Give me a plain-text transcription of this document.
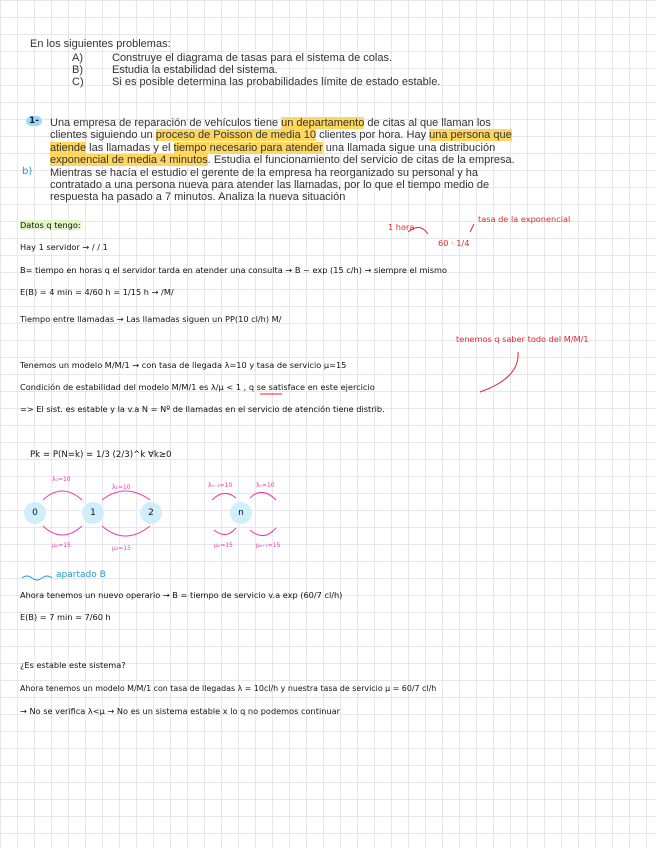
En los siguientes problemas:
A)	Construye el diagrama de tasas para el sistema de colas.
B)	Estudia la estabilidad del sistema.
C)	Si es posible determina las probabilidades límite de estado estable.
1-
b)
Una empresa de reparación de vehículos tiene un departamento de citas al que llaman los
clientes siguiendo un proceso de Poisson de media 10 clientes por hora. Hay una persona que
atiende las llamadas y el tiempo necesario para atender una llamada sigue una distribución
exponencial de media 4 minutos. Estudia el funcionamiento del servicio de citas de la empresa.
Mientras se hacía el estudio el gerente de la empresa ha reorganizado su personal y ha
contratado a una persona nueva para atender las llamadas, por lo que el tiempo medio de
respuesta ha pasado a 7 minutos. Analiza la nueva situación
Datos q tengo:	1 hora
tasa de la exponencial
60 · 1/4
Hay 1 servidor → / / 1
B= tiempo en horas q el servidor tarda en atender una consulta → B ~ exp (15 c/h) → siempre el mismo
E(B) = 4 min = 4/60 h = 1/15 h → /M/
Tiempo entre llamadas → Las llamadas siguen un PP(10 cl/h) M/
tenemos q saber todo del M/M/1
Tenemos un modelo M/M/1 → con tasa de llegada λ=10 y tasa de servicio μ=15
Condición de estabilidad del modelo M/M/1 es λ/μ < 1 , q se satisface en este ejercicio
=> El sist. es estable y la v.a N = Nº de llamadas en el servicio de atención tiene distrib.
Pk = P(N=k) = 1/3 (2/3)^k ∀k≥0
0	1	2	n
λ₀=10
λ₁=10	λₙ₋₁=10	λₙ=10
μ₁=15	μ₂=15	μₙ=15	μₙ₊₁=15
apartado B
Ahora tenemos un nuevo operario → B = tiempo de servicio v.a exp (60/7 cl/h)
E(B) = 7 min = 7/60 h
¿Es estable este sistema?
Ahora tenemos un modelo M/M/1 con tasa de llegadas λ = 10cl/h y nuestra tasa de servicio μ = 60/7 cl/h
→ No se verifica λ<μ → No es un sistema estable x lo q no podemos continuar
